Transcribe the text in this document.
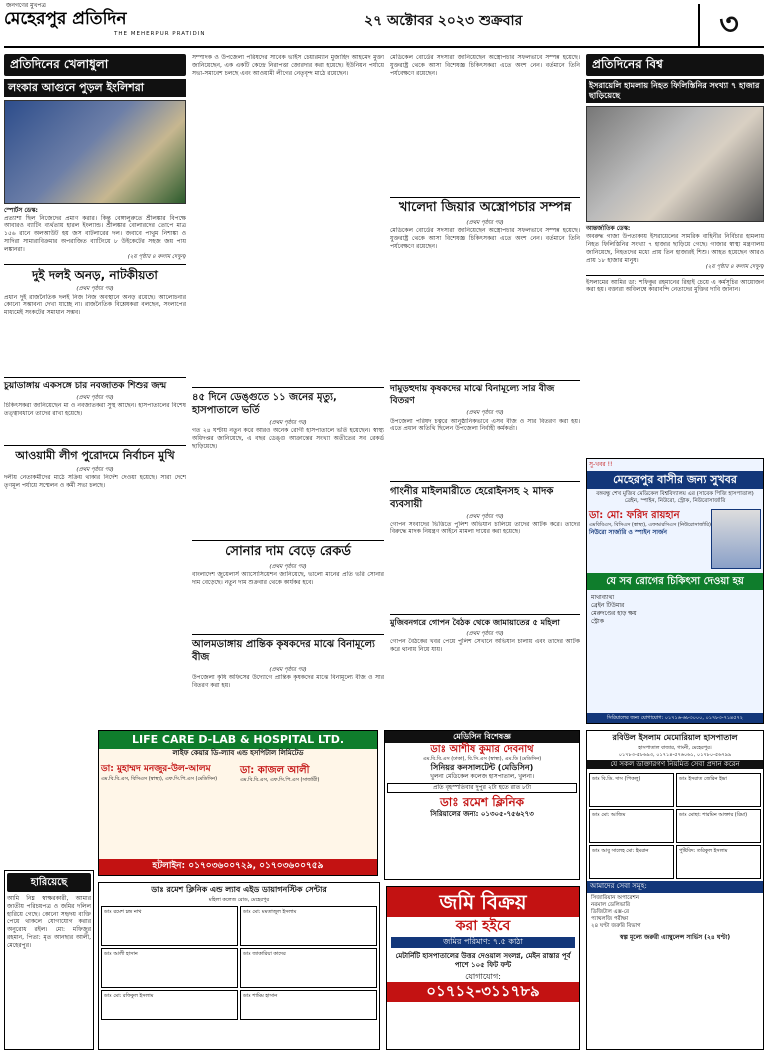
জনগণের মুখপত্র
মেহেরপুর প্রতিদিন
THE MEHERPUR PRATIDIN
২৭ অক্টোবর ২০২৩ শুক্রবার	৩
প্রতিদিনের খেলাধুলা
লংকার আগুনে পুড়ল ইংলিশরা
স্পোর্টস ডেস্ক:
প্রত্যাশা ছিল নিজেদের প্রমাণ করার। কিন্তু বেঙ্গালুরুতে শ্রীলঙ্কার বিপক্ষে আবারও ব্যাটিং ব্যর্থতায় হারল ইংল্যান্ড। শ্রীলঙ্কার বোলারদের তোপে মাত্র ১৫৬ রানে অলআউট হয় জস বাটলারের দল। জবাবে পাথুম নিশাঙ্কা ও সাদিরা সামারাবিক্রমার অপরাজিত ব্যাটিংয়ে ৮ উইকেটের সহজ জয় পায় লঙ্কানরা।
(২য় পৃষ্ঠার ৪ কলাম দেখুন)
দুই দলই অনড়, নাটকীয়তা
(প্রথম পৃষ্ঠার পর)
প্রধান দুই রাজনৈতিক দলই নিজ নিজ অবস্থানে অনড় রয়েছে। আলোচনার কোনো সম্ভাবনা দেখা যাচ্ছে না। রাজনৈতিক বিশ্লেষকরা বলছেন, সংলাপের মাধ্যমেই সংকটের সমাধান সম্ভব।
চুয়াডাঙ্গায় একসঙ্গে চার নবজাতক শিশুর জন্ম
(প্রথম পৃষ্ঠার পর)
চিকিৎসকরা জানিয়েছেন মা ও নবজাতকরা সুস্থ আছেন। হাসপাতালের বিশেষ তত্ত্বাবধানে তাদের রাখা হয়েছে।
আওয়ামী লীগ পুরোদমে নির্বাচন মুখি
(প্রথম পৃষ্ঠার পর)
দলীয় নেতাকর্মীদের মাঠে সক্রিয় থাকার নির্দেশ দেওয়া হয়েছে। সারা দেশে তৃণমূল পর্যায়ে সম্মেলন ও কর্মী সভা চলছে।
হারিয়েছে
আমি নিম্ন স্বাক্ষরকারী, আমার জাতীয় পরিচয়পত্র ও জমির দলিল হারিয়ে গেছে। কোনো সহৃদয় ব্যক্তি পেয়ে থাকলে যোগাযোগ করার অনুরোধ রইল। মো: মফিজুর রহমান, পিতা: মৃত আনছার আলী, মেহেরপুর।
সম্পাদক ও উপজেলা পরিষদের সাবেক ভাইস চেয়ারম্যান মুজাহিদ আহমেদ মুক্তা জানিয়েছেন, এক একটি কেন্দ্রে নিরাপত্তা জোরদার করা হয়েছে। ইউনিয়ন পর্যায়ে সভা-সমাবেশ চলছে এবং আওয়ামী লীগের নেতৃবৃন্দ মাঠে রয়েছেন।
৪৫ দিনে ডেঙ্গুতে ১১ জনের মৃত্যু, হাসপাতালে ভর্তি
(প্রথম পৃষ্ঠার পর)
গত ২৪ ঘণ্টায় নতুন করে আরও অনেক রোগী হাসপাতালে ভর্তি হয়েছেন। স্বাস্থ্য অধিদপ্তর জানিয়েছে, এ বছর ডেঙ্গু আক্রান্তের সংখ্যা অতীতের সব রেকর্ড ছাড়িয়েছে।
সোনার দাম বেড়ে রেকর্ড
(প্রথম পৃষ্ঠার পর)
বাংলাদেশ জুয়েলার্স অ্যাসোসিয়েশন জানিয়েছে, ভালো মানের প্রতি ভরি সোনার দাম বেড়েছে। নতুন দাম শুক্রবার থেকে কার্যকর হবে।
আলমডাঙ্গায় প্রান্তিক কৃষকদের মাঝে বিনামূল্যে বীজ
(প্রথম পৃষ্ঠার পর)
উপজেলা কৃষি অফিসের উদ্যোগে প্রান্তিক কৃষকদের মাঝে বিনামূল্যে বীজ ও সার বিতরণ করা হয়।
মেডিকেল বোর্ডের সদস্যরা জানিয়েছেন অস্ত্রোপচার সফলভাবে সম্পন্ন হয়েছে। যুক্তরাষ্ট্র থেকে আসা বিশেষজ্ঞ চিকিৎসকরা এতে অংশ নেন। বর্তমানে তিনি পর্যবেক্ষণে রয়েছেন।
খালেদা জিয়ার অস্ত্রোপচার সম্পন্ন
(প্রথম পৃষ্ঠার পর)
মেডিকেল বোর্ডের সদস্যরা জানিয়েছেন অস্ত্রোপচার সফলভাবে সম্পন্ন হয়েছে। যুক্তরাষ্ট্র থেকে আসা বিশেষজ্ঞ চিকিৎসকরা এতে অংশ নেন। বর্তমানে তিনি পর্যবেক্ষণে রয়েছেন।
দামুড়হুদায় কৃষকদের মাঝে বিনামূল্যে সার বীজ বিতরণ
(প্রথম পৃষ্ঠার পর)
উপজেলা পরিষদ চত্বরে আনুষ্ঠানিকভাবে এসব বীজ ও সার বিতরণ করা হয়। এতে প্রধান অতিথি ছিলেন উপজেলা নির্বাহী কর্মকর্তা।
গাংনীর মাইলমারীতে হেরোইনসহ ২ মাদক ব্যবসায়ী
(প্রথম পৃষ্ঠার পর)
গোপন সংবাদের ভিত্তিতে পুলিশ অভিযান চালিয়ে তাদের আটক করে। তাদের বিরুদ্ধে মাদক নিয়ন্ত্রণ আইনে মামলা দায়ের করা হয়েছে।
মুজিবনগরে গোপন বৈঠক থেকে জামায়াতের ৫ মহিলা
(প্রথম পৃষ্ঠার পর)
গোপন বৈঠকের খবর পেয়ে পুলিশ সেখানে অভিযান চালায় এবং তাদের আটক করে থানায় নিয়ে যায়।
প্রতিদিনের বিশ্ব
ইসরায়েলি হামলায় নিহত ফিলিস্তিনির সংখ্যা ৭ হাজার ছাড়িয়েছে
আন্তর্জাতিক ডেস্ক:
অবরুদ্ধ গাজা উপত্যকায় ইসরায়েলের সামরিক বাহিনীর নির্বিচার হামলায় নিহত ফিলিস্তিনির সংখ্যা ৭ হাজার ছাড়িয়ে গেছে। গাজার স্বাস্থ্য মন্ত্রণালয় জানিয়েছে, নিহতদের মধ্যে প্রায় তিন হাজারই শিশু। আহত হয়েছেন আরও প্রায় ১৮ হাজার মানুষ।
(২য় পৃষ্ঠার ৪ কলাম দেখুন)
ইসলামের আমির ডা: শফিকুর রহমানের রিহাই চেয়ে এ কর্মসূচির আয়োজন করা হয়। বক্তারা অবিলম্বে কারাবন্দি নেতাদের মুক্তির দাবি জানান।
সু-খবর !!
মেহেরপুর বাসীর জন্য সুখবর
বঙ্গবন্ধু শেখ মুজিব মেডিকেল বিশ্ববিদ্যালয় এর (সাবেক পিজি হাসপাতাল) ব্রেইন, স্পাইন, নিউরো, স্ট্রোক, নিউরোসার্জারি
ডা: মো: ফরিদ রায়হান
এমবিবিএস, বিসিএস (স্বাস্থ্য), এফআরসিএস (নিউরোসার্জারি)
নিউরো সার্জারি ও স্পাইন সার্জন
যে সব রোগের চিকিৎসা দেওয়া হয়
মাথাব্যাথা
ব্রেইন টিউমার
মেরুদণ্ডের হাড় ক্ষয়
স্ট্রোক
সিরিয়ালের জন্য যোগাযোগ: ০১৭১৬-৬৮৩০০০, ০১৭৮৩-৭১৪৫৭২
LIFE CARE D-LAB & HOSPITAL LTD.
লাইফ কেয়ার ডি-ল্যাব এন্ড হসপিটাল লিমিটেড
ডা: মুহাম্মদ মনজুর-উল-আলম
এম.বি.বি.এস, বিসিএস (স্বাস্থ্য), এফ.সি.পি.এস (মেডিসিন)
ডা: কাজল আলী
এম.বি.বি.এস, এফ.সি.পি.এস (সার্জারী)
হটলাইন: ০১৭০৩৬০০৭২৯, ০১৭০৩৬০০৭৫৯
মেডিসিন বিশেষজ্ঞ
ডাঃ আশীষ কুমার দেবনাথ
এম.বি.বি.এস (ঢাকা), বি.সি.এস (স্বাস্থ্য), এম.ডি (মেডিসিন)
সিনিয়র কনসালটেন্ট (মেডিসিন)
খুলনা মেডিকেল কলেজ হাসপাতাল, খুলনা।
প্রতি বৃহস্পতিবার দুপুর ২টা হতে রাত ৮টা
ডাঃ রমেশ ক্লিনিক
সিরিয়ালের জন্য: ০১৩০৫-৭৫৬২৭৩
ডাঃ রমেশ ক্লিনিক এন্ড ল্যাব এইড ডায়াগনস্টিক সেন্টার
মহিলা কলেজ রোড, মেহেরপুর
ডাঃ রমেশ চন্দ্র নাথ	ডাঃ মো: মমতাজুল ইসলাম
ডাঃ আলী হাসান	ডাঃ জাকারিয়া কাদের
ডাঃ মো: রফিকুল ইসলাম	ডাঃ শামিম হাসান
জমি বিক্রয়
করা হইবে
জমির পরিমাণ: ৭.৫ কাঠা
মেটার্নিটি হাসপাতালের উত্তর দেওয়াল সংলগ্ন, মেইন রাস্তার পূর্ব পাশে ১০৫ ফিট ফন্ট
যোগাযোগ:
০১৭১২-৩১১৭৮৯
রবিউল ইসলাম মেমোরিয়াল হাসপাতাল
হাসপাতাল বাজার, গাংনী, মেহেরপুর।
০১৭৮৩-৫৮৬৯৩, ০১৭১৪-৫৭৬০৬১, ০১৭৮০-৫৬৭৯৯
যে সকল ডাক্তারগণ নিয়মিত সেবা প্রদান করেন
ডাঃ বি.ডি. দাস (পিকলু)	ডাঃ ইসরাত জেরিন ইভা
ডাঃ মো: আজিম	ডাঃ মোছা: শারমিন আক্তার (রিমা)
ডাঃ আবু সালেহ মো: ইমরান	পুষ্টিবিদ: তরিকুল ইসলাম
আমাদের সেবা সমূহ:
সিজারিয়ান অপারেশন
নরমাল ডেলিভারি
ডিজিটাল এক্স-রে
প্যাথলজি পরীক্ষা
২৪ ঘণ্টা জরুরি বিভাগ
স্বল্প মূল্যে জরুরী এ্যাম্বুলেন্স সার্ভিস (২৪ ঘণ্টা)
